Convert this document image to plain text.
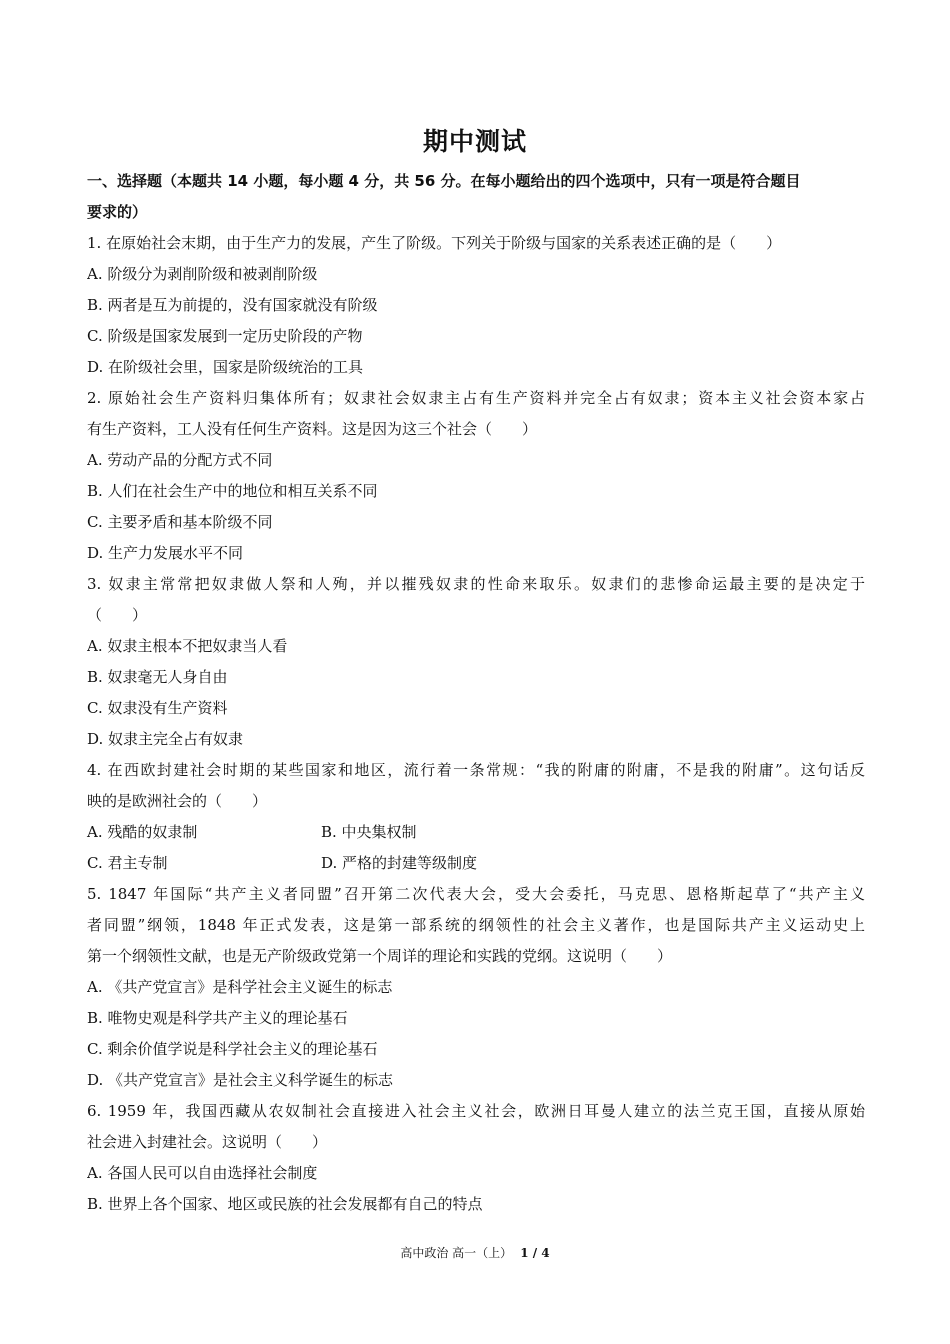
期中测试
一、选择题（本题共 14 小题，每小题 4 分，共 56 分。在每小题给出的四个选项中，只有一项是符合题目
要求的）
1. 在原始社会末期，由于生产力的发展，产生了阶级。下列关于阶级与国家的关系表述正确的是（　　）
A. 阶级分为剥削阶级和被剥削阶级
B. 两者是互为前提的，没有国家就没有阶级
C. 阶级是国家发展到一定历史阶段的产物
D. 在阶级社会里，国家是阶级统治的工具
2. 原始社会生产资料归集体所有；奴隶社会奴隶主占有生产资料并完全占有奴隶；资本主义社会资本家占
有生产资料，工人没有任何生产资料。这是因为这三个社会（　　）
A. 劳动产品的分配方式不同
B. 人们在社会生产中的地位和相互关系不同
C. 主要矛盾和基本阶级不同
D. 生产力发展水平不同
3. 奴隶主常常把奴隶做人祭和人殉，并以摧残奴隶的性命来取乐。奴隶们的悲惨命运最主要的是决定于
（　　）
A. 奴隶主根本不把奴隶当人看
B. 奴隶毫无人身自由
C. 奴隶没有生产资料
D. 奴隶主完全占有奴隶
4. 在西欧封建社会时期的某些国家和地区，流行着一条常规：“我的附庸的附庸，不是我的附庸”。这句话反
映的是欧洲社会的（　　）
A. 残酷的奴隶制	B. 中央集权制
C. 君主专制	D. 严格的封建等级制度
5. 1847 年国际“共产主义者同盟”召开第二次代表大会，受大会委托，马克思、恩格斯起草了“共产主义
者同盟”纲领，1848 年正式发表，这是第一部系统的纲领性的社会主义著作，也是国际共产主义运动史上
第一个纲领性文献，也是无产阶级政党第一个周详的理论和实践的党纲。这说明（　　）
A. 《共产党宣言》是科学社会主义诞生的标志
B. 唯物史观是科学共产主义的理论基石
C. 剩余价值学说是科学社会主义的理论基石
D. 《共产党宣言》是社会主义科学诞生的标志
6. 1959 年，我国西藏从农奴制社会直接进入社会主义社会，欧洲日耳曼人建立的法兰克王国，直接从原始
社会进入封建社会。这说明（　　）
A. 各国人民可以自由选择社会制度
B. 世界上各个国家、地区或民族的社会发展都有自己的特点
高中政治 高一（上） 1 / 4
